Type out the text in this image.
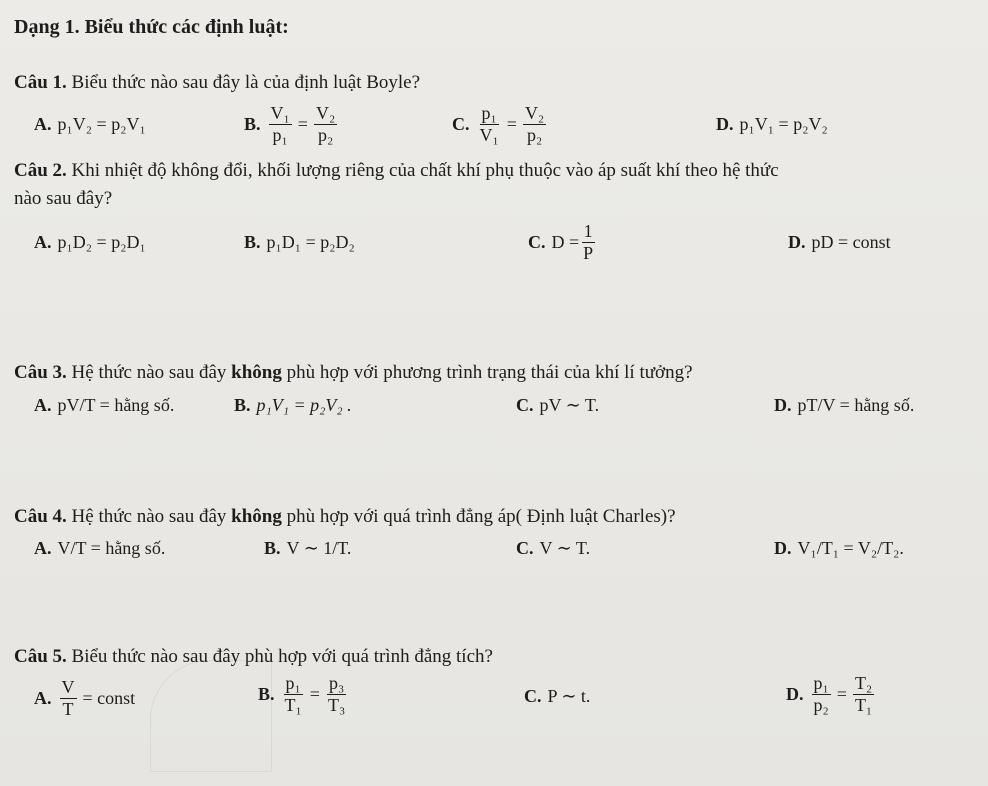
Dạng 1. Biểu thức các định luật:
Câu 1. Biểu thức nào sau đây là của định luật Boyle?
A. p₁V₂ = p₂V₁	B. $\frac{\text{V₁}}{\text{p₁}} = \frac{\text{V₂}}{\text{p₂}}$	C. $\frac{\text{p₁}}{\text{V₁}} = \frac{\text{V₂}}{\text{p₂}}$	D. p₁V₁ = p₂V₂
Câu 2. Khi nhiệt độ không đổi, khối lượng riêng của chất khí phụ thuộc vào áp suất khí theo hệ thức
nào sau đây?
A. p₁D₂ = p₂D₁	B. p₁D₁ = p₂D₂	C. $D = \frac{1}{P}$	D. pD = const
Câu 3. Hệ thức nào sau đây không phù hợp với phương trình trạng thái của khí lí tưởng?
A. pV/T = hằng số.	B. p₁V₁ = p₂V₂ .	C. pV ∼ T.	D. pT/V = hằng số.
Câu 4. Hệ thức nào sau đây không phù hợp với quá trình đẳng áp( Định luật Charles)?
A. V/T = hằng số.	B. V ∼ 1/T.	C. V ∼ T.	D. V₁/T₁ = V₂/T₂.
Câu 5. Biểu thức nào sau đây phù hợp với quá trình đẳng tích?
A. $\frac{V}{T}$ = const	B. $\frac{\text{p₁}}{\text{T₁}} = \frac{\text{p₃}}{\text{T₃}}$	C. P ∼ t.	D. $\frac{\text{p₁}}{\text{p₂}} = \frac{\text{T₂}}{\text{T₁}}$
